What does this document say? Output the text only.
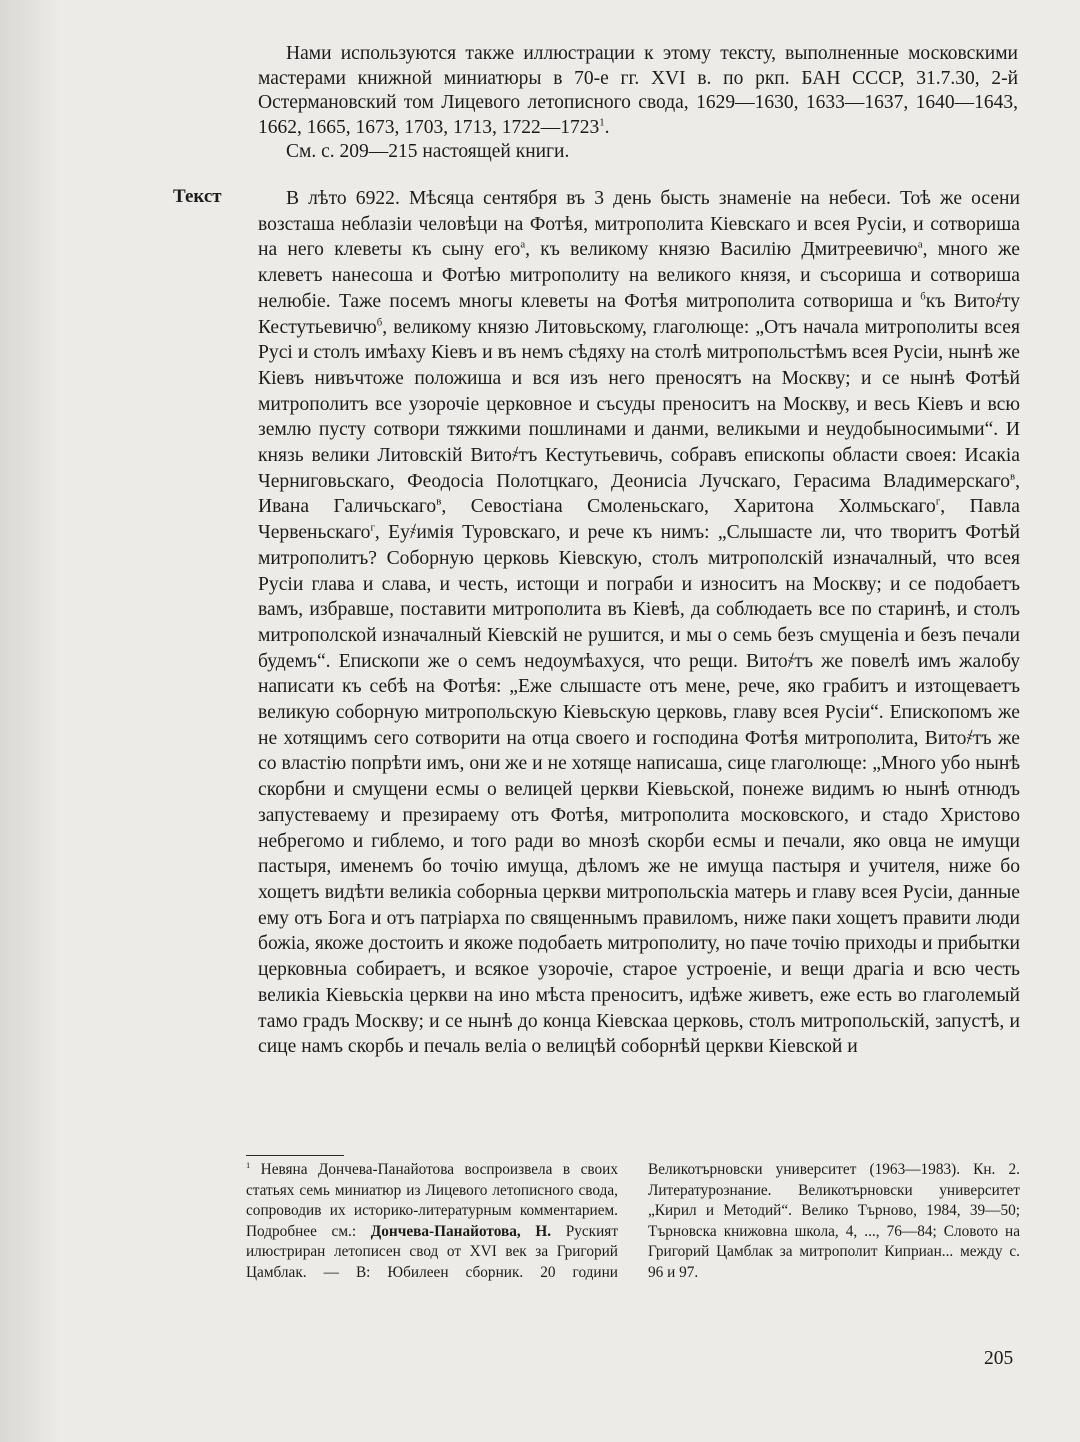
Нами используются также иллюстрации к этому тексту, выполненные московскими мастерами книжной миниатюры в 70-е гг. XVI в. по ркп. БАН СССР, 31.7.30, 2-й Остермановский том Лицевого летописного свода, 1629—1630, 1633—1637, 1640—1643, 1662, 1665, 1673, 1703, 1713, 1722—1723$^1$.

См. с. 209—215 настоящей книги.

Текст	В лѣто 6922. Мѣсяца сентября въ 3 день бысть знаменіе на небеси. Тоѣ же осени возсташа неблазіи человѣци на Фотѣя, митрополита Кіевскаго и всея Русіи, и сотвориша на него клеветы къ сыну его$^а$, къ великому князю Василію Дмитреевичю$^а$, много же клеветъ нанесоша и Фотѣю митрополиту на великого князя, и съсориша и сотвориша нелюбіе. Таже посемъ многы клеветы на Фотѣя митрополита сотвориша и $^б$къ Вито҂ту Кестутьевичю$^б$, великому князю Литовьскому, глаголюще: „Отъ начала митрополиты всея Русі и столъ имѣаху Кіевъ и въ немъ сѣдяху на столѣ митропольстѣмъ всея Русіи, нынѣ же Кіевъ нивъчтоже положиша и вся изъ него преносятъ на Москву; и се нынѣ Фотѣй митрополитъ все узорочіе церковное и съсуды преноситъ на Москву, и весь Кіевъ и всю землю пусту сотвори тяжкими пошлинами и данми, великыми и неудобыносимыми“. И князь велики Литовскій Вито҂тъ Кестутьевичь, собравъ епископы области своея: Исакіа Черниговьскаго, Феодосіа Полотцкаго, Деонисіа Лучскаго, Герасима Владимерскаго$^в$, Ивана Галичьскаго$^в$, Севостіана Смоленьскаго, Харитона Холмьскаго$^г$, Павла Червеньскаго$^г$, Еу҂имія Туровскаго, и рече къ нимъ: „Слышасте ли, что творитъ Фотѣй митрополитъ? Соборную церковь Кіевскую, столъ митрополскій изначалный, что всея Русіи глава и слава, и честь, истощи и пограби и износитъ на Москву; и се подобаетъ вамъ, избравше, поставити митрополита въ Кіевѣ, да соблюдаеть все по старинѣ, и столъ митрополской изначалный Кіевскій не рушится, и мы о семь безъ смущеніа и безъ печали будемъ“. Епископи же о семъ недоумѣахуся, что рещи. Вито҂тъ же повелѣ имъ жалобу написати къ себѣ на Фотѣя: „Еже слышасте отъ мене, рече, яко грабитъ и изтощеваетъ великую соборную митропольскую Кіевьскую церковь, главу всея Русіи“. Епископомъ же не хотящимъ сего сотворити на отца своего и господина Фотѣя митрополита, Вито҂тъ же со властію попрѣти имъ, они же и не хотяще написаша, сице глаголюще: „Много убо нынѣ скорбни и смущени есмы о велицей церкви Кіевьской, понеже видимъ ю нынѣ отнюдъ запустеваему и презираему отъ Фотѣя, митрополита московского, и стадо Христово небрегомо и гиблемо, и того ради во мнозѣ скорби есмы и печали, яко овца не имущи пастыря, именемъ бо точію имуща, дѣломъ же не имуща пастыря и учителя, ниже бо хощетъ видѣти великіа соборныа церкви митропольскіа матерь и главу всея Русіи, данные ему отъ Бога и отъ патріарха по священнымъ правиломъ, ниже паки хощетъ правити люди божіа, якоже достоить и якоже подобаеть митрополиту, но паче точію приходы и прибытки церковныа собираетъ, и всякое узорочіе, старое устроеніе, и вещи драгіа и всю честь великіа Кіевьскіа церкви на ино мѣста преноситъ, идѣже живетъ, еже есть во глаголемый тамо градъ Москву; и се нынѣ до конца Кіевскаа церковь, столъ митропольскій, запустѣ, и сице намъ скорбь и печаль веліа о велицѣй соборнѣй церкви Кіевской и

$^1$ Невяна Дончева-Панайотова воспроизвела в своих статьях семь миниатюр из Лицевого летописного свода, сопроводив их историко-литературным комментарием. Подробнее см.: Дончева-Панайотова, Н. Руският илюстриран летописен свод от XVI век за Григорий Цамблак. — В: Юбилеен сборник. 20 години Великотърновски университет (1963—1983). Кн. 2. Литературознание. Великотърновски университет „Кирил и Методий“. Велико Търново, 1984, 39—50; Търновска книжовна школа, 4, ..., 76—84; Словото на Григорий Цамблак за митрополит Киприан... между с. 96 и 97.

205
